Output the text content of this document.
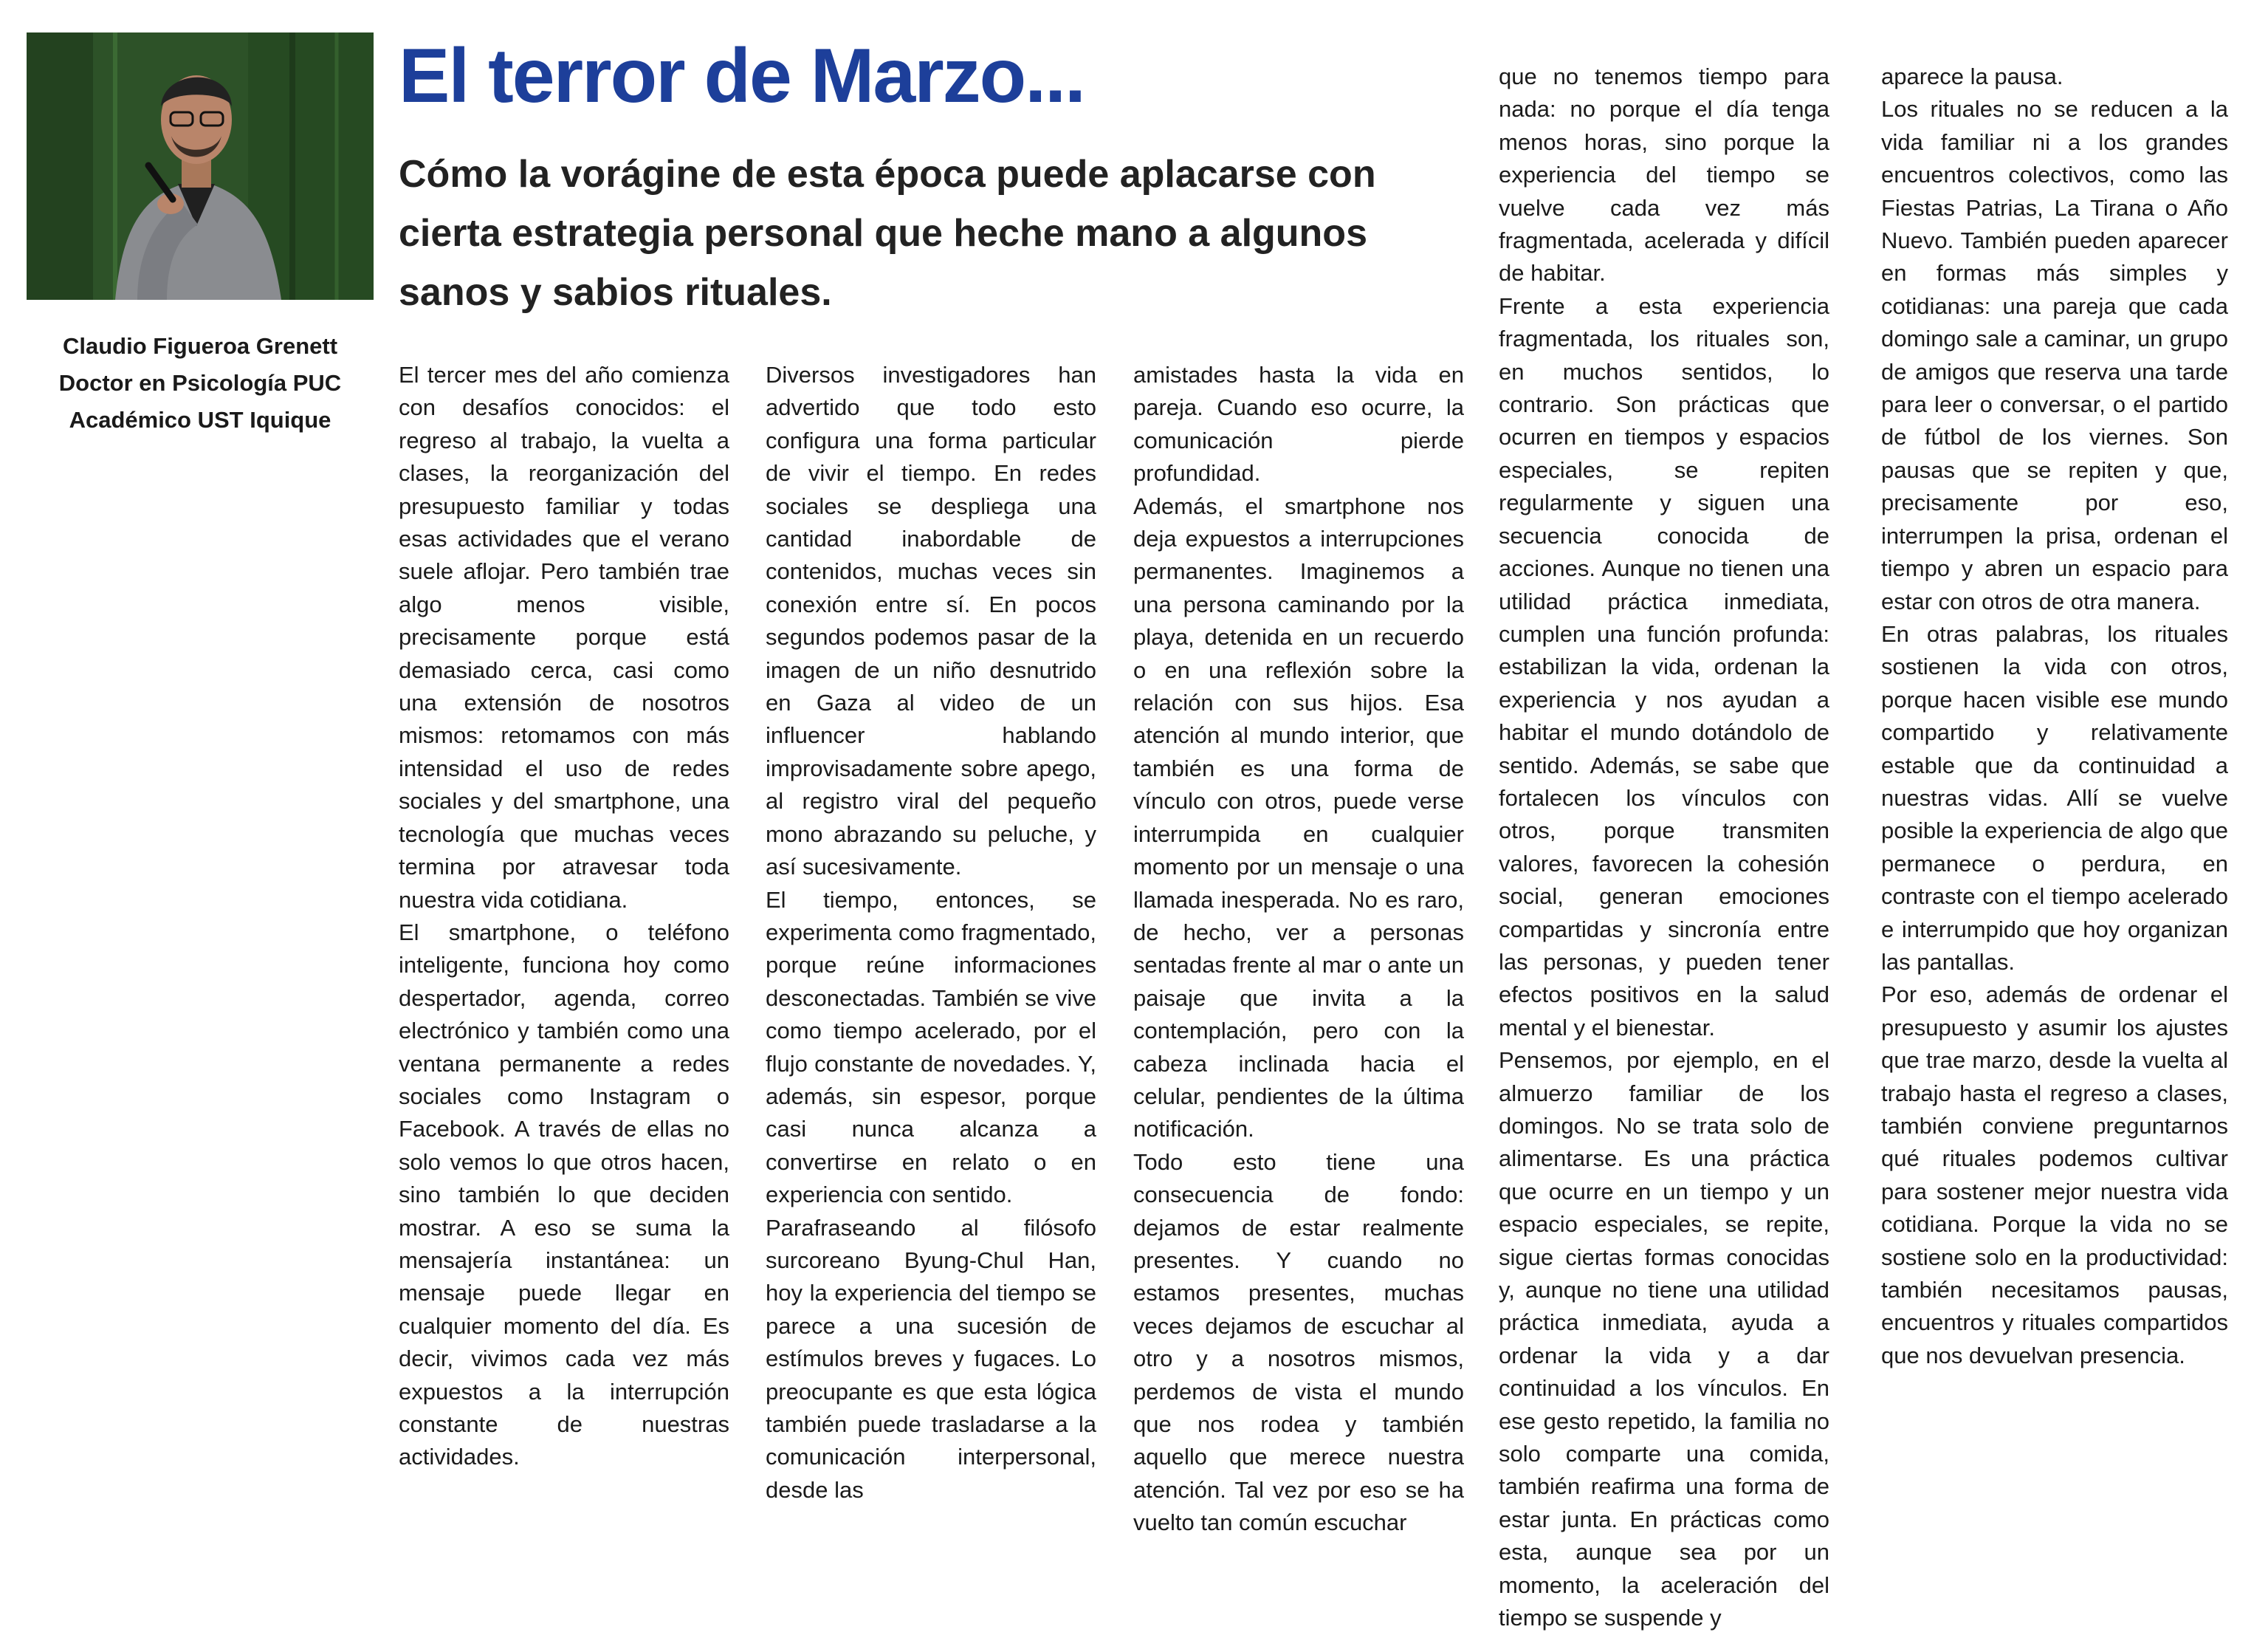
Claudio Figueroa Grenett
Doctor en Psicología PUC
Académico UST Iquique
El terror de Marzo...
Cómo la vorágine de esta época puede aplacarse con cierta estrategia personal que heche mano a algunos sanos y sabios rituales.

El tercer mes del año comienza con desafíos conocidos: el regreso al trabajo, la vuelta a clases, la reorganización del presupuesto familiar y todas esas actividades que el verano suele aflojar. Pero también trae algo menos visible, precisamente porque está demasiado cerca, casi como una extensión de nosotros mismos: retomamos con más intensidad el uso de redes sociales y del smartphone, una tecnología que muchas veces termina por atravesar toda nuestra vida cotidiana.

El smartphone, o teléfono inteligente, funciona hoy como despertador, agenda, correo electrónico y también como una ventana permanente a redes sociales como Instagram o Facebook. A través de ellas no solo vemos lo que otros hacen, sino también lo que deciden mostrar. A eso se suma la mensajería instantánea: un mensaje puede llegar en cualquier momento del día. Es decir, vivimos cada vez más expuestos a la interrupción constante de nuestras actividades.

Diversos investigadores han advertido que todo esto configura una forma particular de vivir el tiempo. En redes sociales se despliega una cantidad inabordable de contenidos, muchas veces sin conexión entre sí. En pocos segundos podemos pasar de la imagen de un niño desnutrido en Gaza al video de un influencer hablando improvisadamente sobre apego, al registro viral del pequeño mono abrazando su peluche, y así sucesivamente.

El tiempo, entonces, se experimenta como fragmentado, porque reúne informaciones desconectadas. También se vive como tiempo acelerado, por el flujo constante de novedades. Y, además, sin espesor, porque casi nunca alcanza a convertirse en relato o en experiencia con sentido.

Parafraseando al filósofo surcoreano Byung-Chul Han, hoy la experiencia del tiempo se parece a una sucesión de estímulos breves y fugaces. Lo preocupante es que esta lógica también puede trasladarse a la comunicación interpersonal, desde las

amistades hasta la vida en pareja. Cuando eso ocurre, la comunicación pierde profundidad.

Además, el smartphone nos deja expuestos a interrupciones permanentes. Imaginemos a una persona caminando por la playa, detenida en un recuerdo o en una reflexión sobre la relación con sus hijos. Esa atención al mundo interior, que también es una forma de vínculo con otros, puede verse interrumpida en cualquier momento por un mensaje o una llamada inesperada. No es raro, de hecho, ver a personas sentadas frente al mar o ante un paisaje que invita a la contemplación, pero con la cabeza inclinada hacia el celular, pendientes de la última notificación.

Todo esto tiene una consecuencia de fondo: dejamos de estar realmente presentes. Y cuando no estamos presentes, muchas veces dejamos de escuchar al otro y a nosotros mismos, perdemos de vista el mundo que nos rodea y también aquello que merece nuestra atención. Tal vez por eso se ha vuelto tan común escuchar

que no tenemos tiempo para nada: no porque el día tenga menos horas, sino porque la experiencia del tiempo se vuelve cada vez más fragmentada, acelerada y difícil de habitar.

Frente a esta experiencia fragmentada, los rituales son, en muchos sentidos, lo contrario. Son prácticas que ocurren en tiempos y espacios especiales, se repiten regularmente y siguen una secuencia conocida de acciones. Aunque no tienen una utilidad práctica inmediata, cumplen una función profunda: estabilizan la vida, ordenan la experiencia y nos ayudan a habitar el mundo dotándolo de sentido. Además, se sabe que fortalecen los vínculos con otros, porque transmiten valores, favorecen la cohesión social, generan emociones compartidas y sincronía entre las personas, y pueden tener efectos positivos en la salud mental y el bienestar.

Pensemos, por ejemplo, en el almuerzo familiar de los domingos. No se trata solo de alimentarse. Es una práctica que ocurre en un tiempo y un espacio especiales, se repite, sigue ciertas formas conocidas y, aunque no tiene una utilidad práctica inmediata, ayuda a ordenar la vida y a dar continuidad a los vínculos. En ese gesto repetido, la familia no solo comparte una comida, también reafirma una forma de estar junta. En prácticas como esta, aunque sea por un momento, la aceleración del tiempo se suspende y

aparece la pausa.

Los rituales no se reducen a la vida familiar ni a los grandes encuentros colectivos, como las Fiestas Patrias, La Tirana o Año Nuevo. También pueden aparecer en formas más simples y cotidianas: una pareja que cada domingo sale a caminar, un grupo de amigos que reserva una tarde para leer o conversar, o el partido de fútbol de los viernes. Son pausas que se repiten y que, precisamente por eso, interrumpen la prisa, ordenan el tiempo y abren un espacio para estar con otros de otra manera.

En otras palabras, los rituales sostienen la vida con otros, porque hacen visible ese mundo compartido y relativamente estable que da continuidad a nuestras vidas. Allí se vuelve posible la experiencia de algo que permanece o perdura, en contraste con el tiempo acelerado e interrumpido que hoy organizan las pantallas.

Por eso, además de ordenar el presupuesto y asumir los ajustes que trae marzo, desde la vuelta al trabajo hasta el regreso a clases, también conviene preguntarnos qué rituales podemos cultivar para sostener mejor nuestra vida cotidiana. Porque la vida no se sostiene solo en la productividad: también necesitamos pausas, encuentros y rituales compartidos que nos devuelvan presencia.
